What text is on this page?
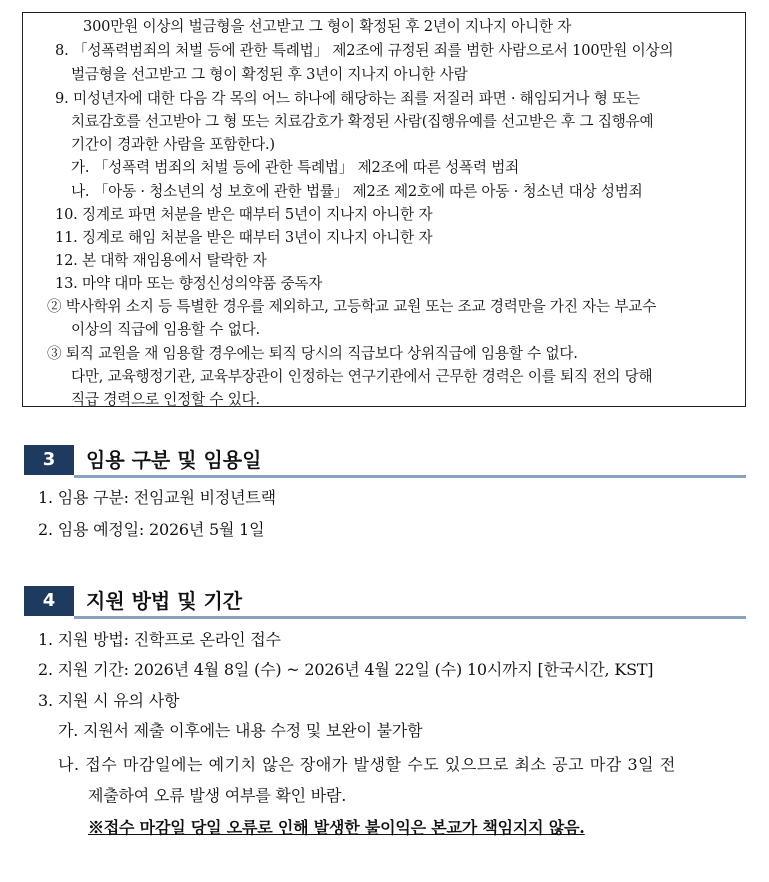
300만원 이상의 벌금형을 선고받고 그 형이 확정된 후 2년이 지나지 아니한 자
8. 「성폭력범죄의 처벌 등에 관한 특례법」 제2조에 규정된 죄를 범한 사람으로서 100만원 이상의
벌금형을 선고받고 그 형이 확정된 후 3년이 지나지 아니한 사람
9. 미성년자에 대한 다음 각 목의 어느 하나에 해당하는 죄를 저질러 파면 · 해임되거나 형 또는
치료감호를 선고받아 그 형 또는 치료감호가 확정된 사람(집행유예를 선고받은 후 그 집행유예
기간이 경과한 사람을 포함한다.)
가. 「성폭력 범죄의 처벌 등에 관한 특례법」 제2조에 따른 성폭력 범죄
나. 「아동 · 청소년의 성 보호에 관한 법률」 제2조 제2호에 따른 아동 · 청소년 대상 성범죄
10. 징계로 파면 처분을 받은 때부터 5년이 지나지 아니한 자
11. 징계로 해임 처분을 받은 때부터 3년이 지나지 아니한 자
12. 본 대학 재임용에서 탈락한 자
13. 마약 대마 또는 향정신성의약품 중독자
② 박사학위 소지 등 특별한 경우를 제외하고, 고등학교 교원 또는 조교 경력만을 가진 자는 부교수
이상의 직급에 임용할 수 없다.
③ 퇴직 교원을 재 임용할 경우에는 퇴직 당시의 직급보다 상위직급에 임용할 수 없다.
다만, 교육행정기관, 교육부장관이 인정하는 연구기관에서 근무한 경력은 이를 퇴직 전의 당해
직급 경력으로 인정할 수 있다.
3	임용 구분 및 임용일
1. 임용 구분: 전임교원 비정년트랙
2. 임용 예정일: 2026년 5월 1일
4	지원 방법 및 기간
1. 지원 방법: 진학프로 온라인 접수
2. 지원 기간: 2026년 4월 8일 (수) ~ 2026년 4월 22일 (수) 10시까지 [한국시간, KST]
3. 지원 시 유의 사항
가. 지원서 제출 이후에는 내용 수정 및 보완이 불가함
나. 접수 마감일에는 예기치 않은 장애가 발생할 수도 있으므로 최소 공고 마감 3일 전
제출하여 오류 발생 여부를 확인 바람.
※접수 마감일 당일 오류로 인해 발생한 불이익은 본교가 책임지지 않음.
